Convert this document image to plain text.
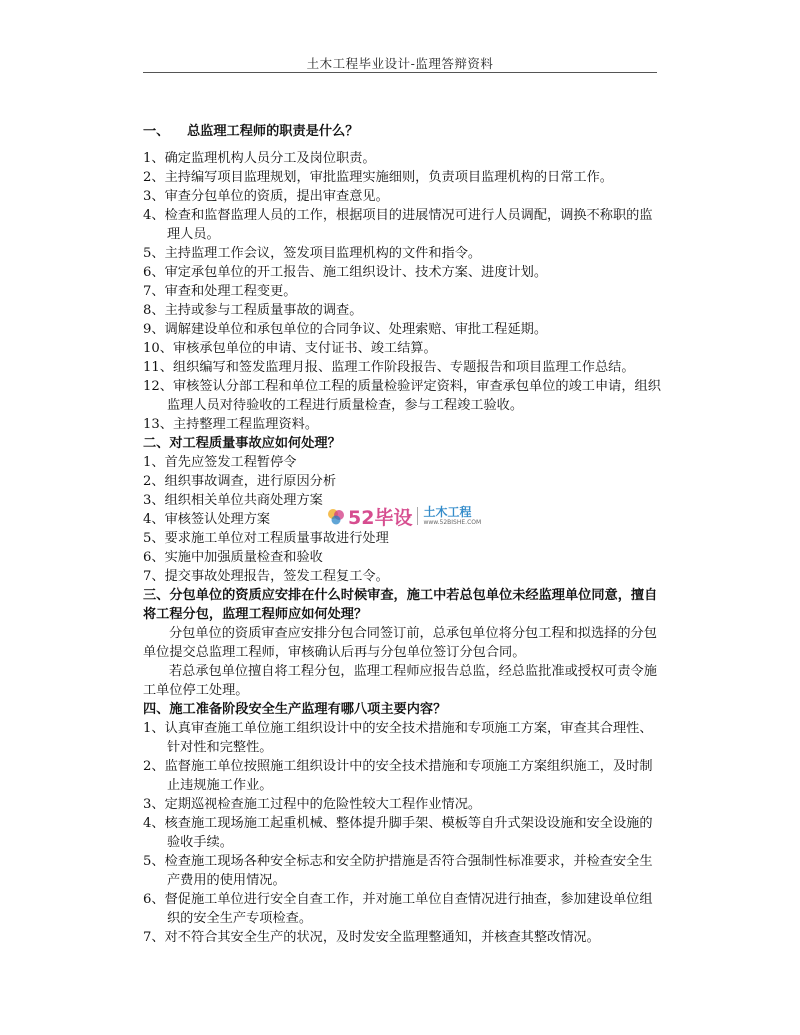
土木工程毕业设计-监理答辩资料
一、 总监理工程师的职责是什么？
1、确定监理机构人员分工及岗位职责。
2、主持编写项目监理规划，审批监理实施细则，负责项目监理机构的日常工作。
3、审查分包单位的资质，提出审查意见。
4、检查和监督监理人员的工作，根据项目的进展情况可进行人员调配，调换不称职的监理人员。
5、主持监理工作会议，签发项目监理机构的文件和指令。
6、审定承包单位的开工报告、施工组织设计、技术方案、进度计划。
7、审查和处理工程变更。
8、主持或参与工程质量事故的调查。
9、调解建设单位和承包单位的合同争议、处理索赔、审批工程延期。
10、审核承包单位的申请、支付证书、竣工结算。
11、组织编写和签发监理月报、监理工作阶段报告、专题报告和项目监理工作总结。
12、审核签认分部工程和单位工程的质量检验评定资料，审查承包单位的竣工申请，组织监理人员对待验收的工程进行质量检查，参与工程竣工验收。
13、主持整理工程监理资料。
二、对工程质量事故应如何处理？
1、首先应签发工程暂停令
2、组织事故调查，进行原因分析
3、组织相关单位共商处理方案
4、审核签认处理方案
5、要求施工单位对工程质量事故进行处理
6、实施中加强质量检查和验收
7、提交事故处理报告，签发工程复工令。
三、分包单位的资质应安排在什么时候审查，施工中若总包单位未经监理单位同意，擅自将工程分包，监理工程师应如何处理？
分包单位的资质审查应安排分包合同签订前，总承包单位将分包工程和拟选择的分包单位提交总监理工程师，审核确认后再与分包单位签订分包合同。
若总承包单位擅自将工程分包，监理工程师应报告总监，经总监批准或授权可责令施工单位停工处理。
四、施工准备阶段安全生产监理有哪八项主要内容？
1、认真审查施工单位施工组织设计中的安全技术措施和专项施工方案，审查其合理性、针对性和完整性。
2、监督施工单位按照施工组织设计中的安全技术措施和专项施工方案组织施工，及时制止违规施工作业。
3、定期巡视检查施工过程中的危险性较大工程作业情况。
4、核查施工现场施工起重机械、整体提升脚手架、模板等自升式架设设施和安全设施的验收手续。
5、检查施工现场各种安全标志和安全防护措施是否符合强制性标准要求，并检查安全生产费用的使用情况。
6、督促施工单位进行安全自查工作，并对施工单位自查情况进行抽查，参加建设单位组织的安全生产专项检查。
7、对不符合其安全生产的状况，及时发安全监理整通知，并核查其整改情况。
52毕设 土木工程
www.52BISHE.COM
